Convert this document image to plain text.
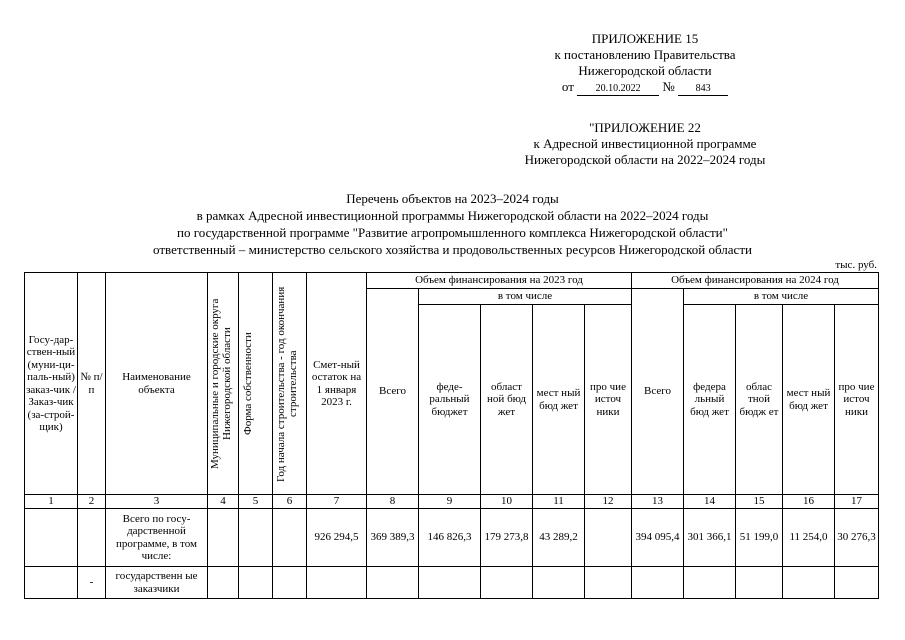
ПРИЛОЖЕНИЕ 15
к постановлению Правительства
Нижегородской области
от 20.10.2022 № 843
"ПРИЛОЖЕНИЕ 22
к Адресной инвестиционной программе
Нижегородской области на 2022–2024 годы
Перечень объектов на 2023–2024 годы
в рамках Адресной инвестиционной программы Нижегородской области на 2022–2024 годы
по государственной программе "Развитие агропромышленного комплекса Нижегородской области"
ответственный – министерство сельского хозяйства и продовольственных ресурсов Нижегородской области
тыс. руб.
Госу-дар-ствен-ный (муни-ци-паль-ный) заказ-чик / Заказ-чик (за-строй-щик)	№ п/п	Наименование объекта	Муниципальные и городские округа Нижегородской области	Форма собственности	Год начала строительства - год окончания строительства	Смет-ный остаток на 1 января 2023 г.	Объем финансирования на 2023 год					Объем финансирования на 2024 год				
							Всего	в том числе				Всего	в том числе			
								феде-ральный бюджет	област ной бюд жет	мест ный бюд жет	про чие источ ники		федера льный бюд жет	облас тной бюдж ет	мест ный бюд жет	про чие источ ники

1	2	3	4	5	6	7	8	9	10	11	12	13	14	15	16	17
		Всего по госу-дарственной программе, в том числе:				926 294,5	369 389,3	146 826,3	179 273,8	43 289,2		394 095,4	301 366,1	51 199,0	11 254,0	30 276,3
	-	государственн ые заказчики														
